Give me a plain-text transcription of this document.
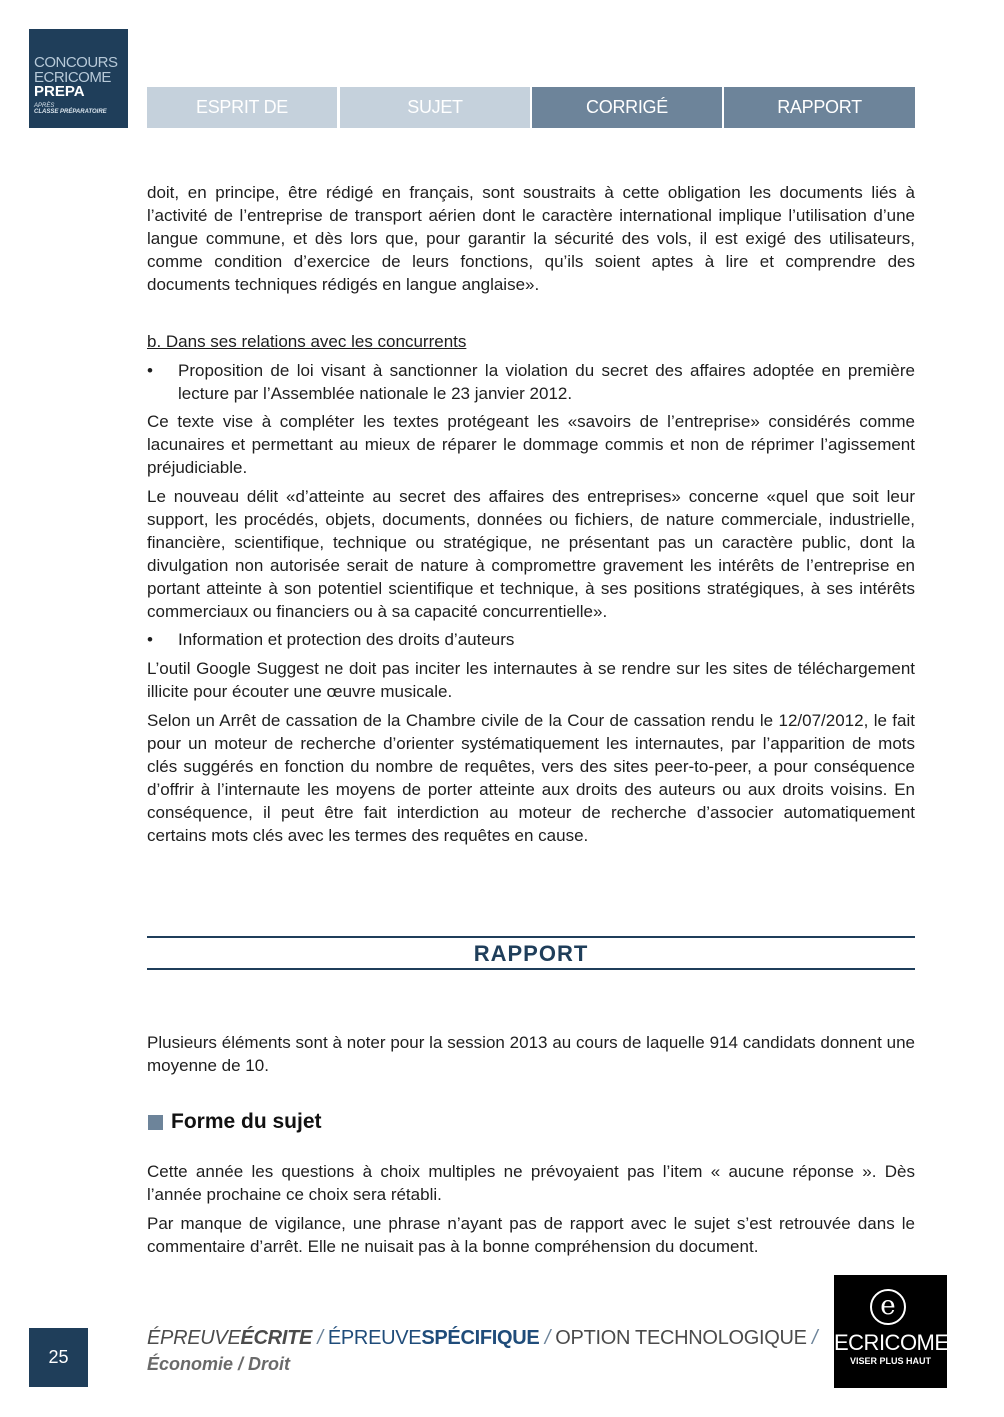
CONCOURS
ECRICOME
PREPA
APRÈS
CLASSE PRÉPARATOIRE	ESPRIT DE L’ÉPREUVE
SUJET	CORRIGÉ	RAPPORT
doit, en principe, être rédigé en français, sont soustraits à cette obligation les documents liés à l’activité de l’entreprise de transport aérien dont le caractère international implique l’utilisation d’une langue commune, et dès lors que, pour garantir la sécurité des vols, il est exigé des utilisateurs, comme condition d’exercice de leurs fonctions, qu’ils soient aptes à lire et comprendre des documents techniques rédigés en langue anglaise».
b. Dans ses relations avec les concurrents
• Proposition de loi visant à sanctionner la violation du secret des affaires adoptée en première lecture par l’Assemblée nationale le 23 janvier 2012.
Ce texte vise à compléter les textes protégeant les «savoirs de l’entreprise» considérés comme lacunaires et permettant au mieux de réparer le dommage commis et non de réprimer l’agissement préjudiciable.
Le nouveau délit «d’atteinte au secret des affaires des entreprises» concerne «quel que soit leur support, les procédés, objets, documents, données ou fichiers, de nature commerciale, industrielle, financière, scientifique, technique ou stratégique, ne présentant pas un caractère public, dont la divulgation non autorisée serait de nature à compromettre gravement les intérêts de l’entreprise en portant atteinte à son potentiel scientifique et technique, à ses positions stratégiques, à ses intérêts commerciaux ou financiers ou à sa capacité concurrentielle».
• Information et protection des droits d’auteurs
L’outil Google Suggest ne doit pas inciter les internautes à se rendre sur les sites de téléchargement illicite pour écouter une œuvre musicale.
Selon un Arrêt de cassation de la Chambre civile de la Cour de cassation rendu le 12/07/2012, le fait pour un moteur de recherche d’orienter systématiquement les internautes, par l’apparition de mots clés suggérés en fonction du nombre de requêtes, vers des sites peer-to-peer, a pour conséquence d’offrir à l’internaute les moyens de porter atteinte aux droits des auteurs ou aux droits voisins. En conséquence, il peut être fait interdiction au moteur de recherche d’associer automatiquement certains mots clés avec les termes des requêtes en cause.
RAPPORT
Plusieurs éléments sont à noter pour la session 2013 au cours de laquelle 914 candidats donnent une moyenne de 10.
Forme du sujet
Cette année les questions à choix multiples ne prévoyaient pas l’item « aucune réponse ». Dès l’année prochaine ce choix sera rétabli.
Par manque de vigilance, une phrase n’ayant pas de rapport avec le sujet s’est retrouvée dans le commentaire d’arrêt. Elle ne nuisait pas à la bonne compréhension du document.
25
ÉPREUVEÉCRITE / ÉPREUVESPÉCIFIQUE / OPTION TECHNOLOGIQUE /
Économie / Droit
e
ECRICOME
VISER PLUS HAUT
